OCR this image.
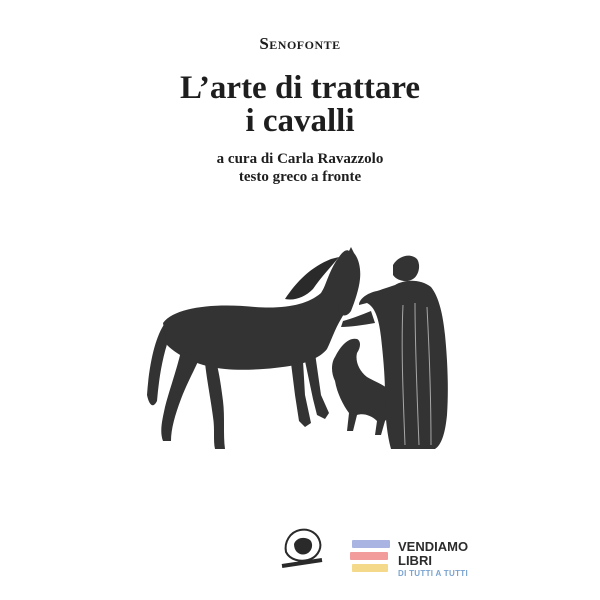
Senofonte
L’arte di trattare
i cavalli
a cura di Carla Ravazzolo
testo greco a fronte
VENDIAMO
LIBRI
DI TUTTI A TUTTI
